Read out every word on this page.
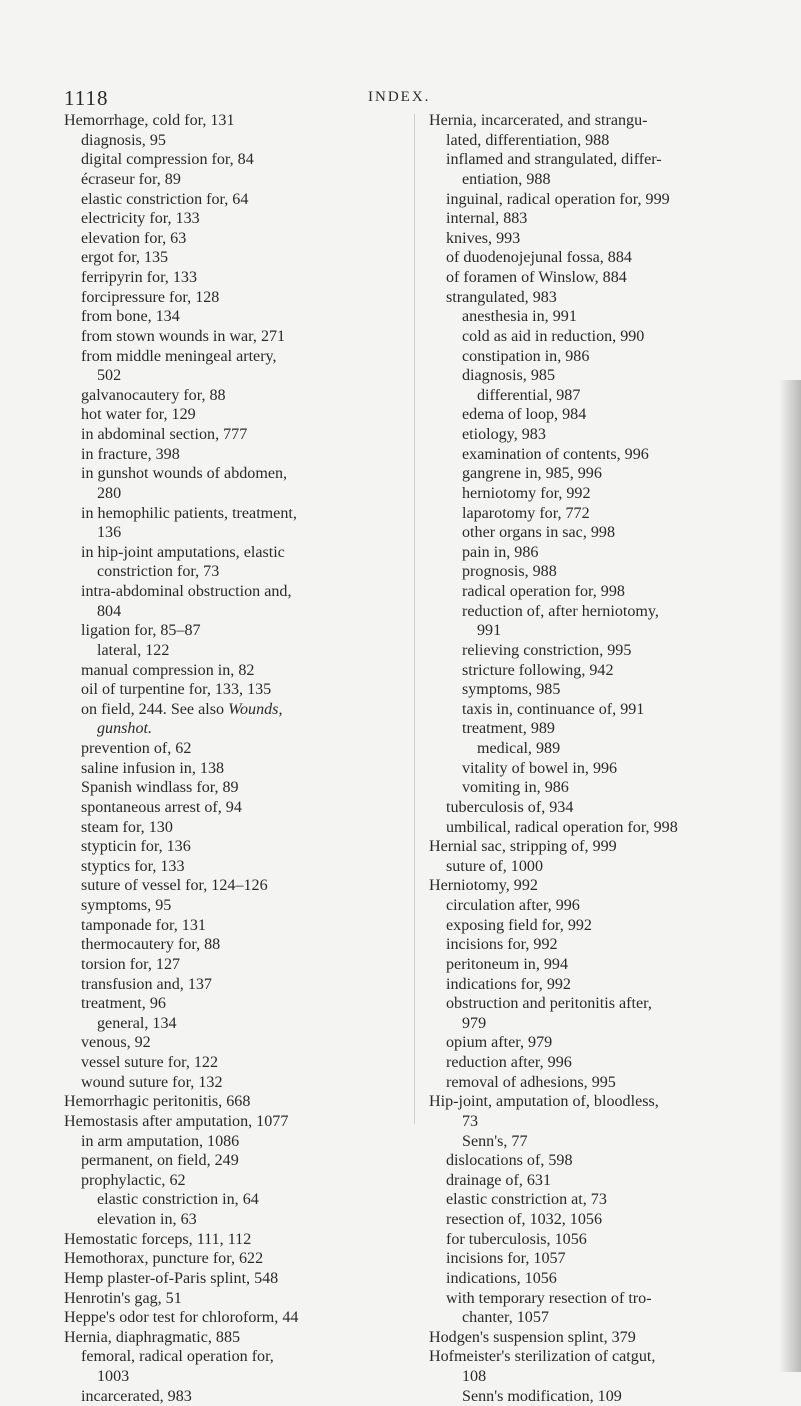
1118	INDEX.
Hemorrhage, cold for, 131
diagnosis, 95
digital compression for, 84
écraseur for, 89
elastic constriction for, 64
electricity for, 133
elevation for, 63
ergot for, 135
ferripyrin for, 133
forcipressure for, 128
from bone, 134
from stown wounds in war, 271
from middle meningeal artery,
502
galvanocautery for, 88
hot water for, 129
in abdominal section, 777
in fracture, 398
in gunshot wounds of abdomen,
280
in hemophilic patients, treatment,
136
in hip-joint amputations, elastic
constriction for, 73
intra-abdominal obstruction and,
804
ligation for, 85–87
lateral, 122
manual compression in, 82
oil of turpentine for, 133, 135
on field, 244. See also Wounds,
gunshot.
prevention of, 62
saline infusion in, 138
Spanish windlass for, 89
spontaneous arrest of, 94
steam for, 130
stypticin for, 136
styptics for, 133
suture of vessel for, 124–126
symptoms, 95
tamponade for, 131
thermocautery for, 88
torsion for, 127
transfusion and, 137
treatment, 96
general, 134
venous, 92
vessel suture for, 122
wound suture for, 132
Hemorrhagic peritonitis, 668
Hemostasis after amputation, 1077
in arm amputation, 1086
permanent, on field, 249
prophylactic, 62
elastic constriction in, 64
elevation in, 63
Hemostatic forceps, 111, 112
Hemothorax, puncture for, 622
Hemp plaster-of-Paris splint, 548
Henrotin's gag, 51
Heppe's odor test for chloroform, 44
Hernia, diaphragmatic, 885
femoral, radical operation for,
1003
incarcerated, 983
Hernia, incarcerated, and strangu-
lated, differentiation, 988
inflamed and strangulated, differ-
entiation, 988
inguinal, radical operation for, 999
internal, 883
knives, 993
of duodenojejunal fossa, 884
of foramen of Winslow, 884
strangulated, 983
anesthesia in, 991
cold as aid in reduction, 990
constipation in, 986
diagnosis, 985
differential, 987
edema of loop, 984
etiology, 983
examination of contents, 996
gangrene in, 985, 996
herniotomy for, 992
laparotomy for, 772
other organs in sac, 998
pain in, 986
prognosis, 988
radical operation for, 998
reduction of, after herniotomy,
991
relieving constriction, 995
stricture following, 942
symptoms, 985
taxis in, continuance of, 991
treatment, 989
medical, 989
vitality of bowel in, 996
vomiting in, 986
tuberculosis of, 934
umbilical, radical operation for, 998
Hernial sac, stripping of, 999
suture of, 1000
Herniotomy, 992
circulation after, 996
exposing field for, 992
incisions for, 992
peritoneum in, 994
indications for, 992
obstruction and peritonitis after,
979
opium after, 979
reduction after, 996
removal of adhesions, 995
Hip-joint, amputation of, bloodless,
73
Senn's, 77
dislocations of, 598
drainage of, 631
elastic constriction at, 73
resection of, 1032, 1056
for tuberculosis, 1056
incisions for, 1057
indications, 1056
with temporary resection of tro-
chanter, 1057
Hodgen's suspension splint, 379
Hofmeister's sterilization of catgut,
108
Senn's modification, 109
